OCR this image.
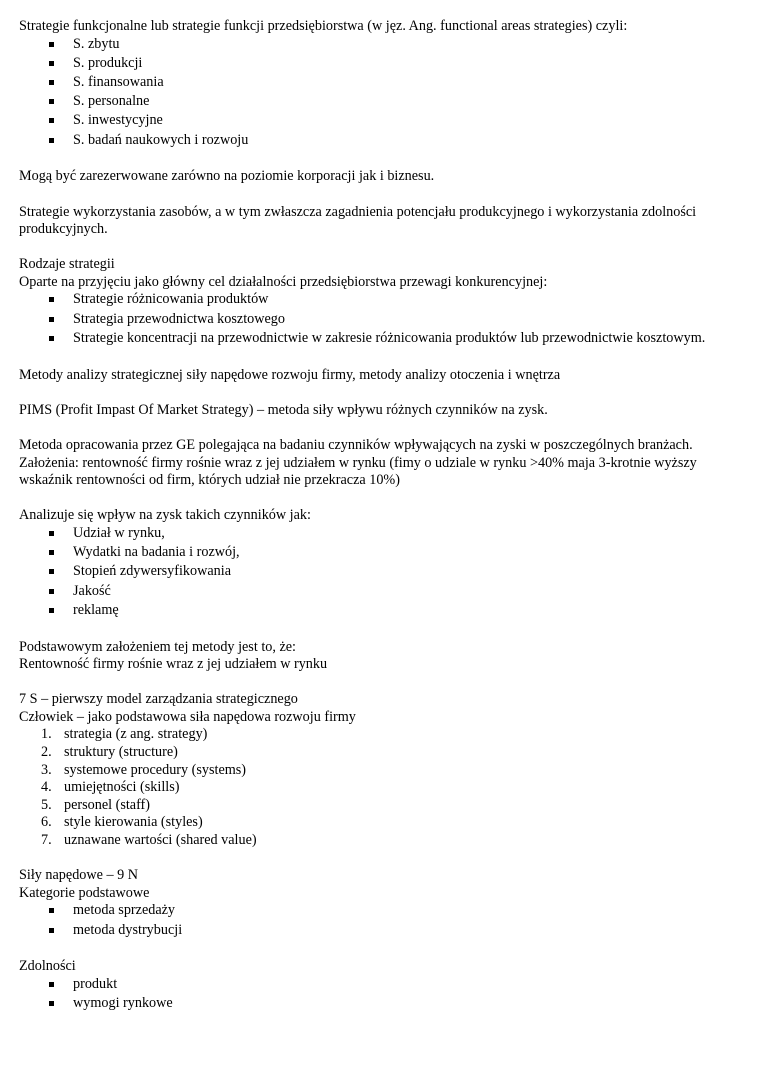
Strategie funkcjonalne lub strategie funkcji przedsiębiorstwa (w jęz. Ang. functional areas strategies) czyli:

S. zbytu
S. produkcji
S. finansowania
S. personalne
S. inwestycyjne
S. badań naukowych i rozwoju

Mogą być zarezerwowane zarówno na poziomie korporacji jak i biznesu.

Strategie wykorzystania zasobów, a w tym zwłaszcza zagadnienia potencjału produkcyjnego i wykorzystania zdolności produkcyjnych.

Rodzaje strategii

Oparte na przyjęciu jako główny cel działalności przedsiębiorstwa przewagi konkurencyjnej:

Strategie różnicowania produktów
Strategia przewodnictwa kosztowego
Strategie koncentracji na przewodnictwie w zakresie różnicowania produktów lub przewodnictwie kosztowym.

Metody analizy strategicznej siły napędowe rozwoju firmy, metody analizy otoczenia i wnętrza

PIMS (Profit Impast Of Market Strategy) – metoda siły wpływu różnych czynników na zysk.

Metoda opracowania przez GE polegająca na badaniu czynników wpływających na zyski w poszczególnych branżach.

Założenia: rentowność firmy rośnie wraz z jej udziałem w rynku (fimy o udziale w rynku >40% maja 3-krotnie wyższy wskaźnik rentowności od firm, których udział nie przekracza 10%)

Analizuje się wpływ na zysk takich czynników jak:

Udział w rynku,
Wydatki na badania i rozwój,
Stopień zdywersyfikowania
Jakość
reklamę

Podstawowym założeniem tej metody jest to, że:

Rentowność firmy rośnie wraz z jej udziałem w rynku

7 S – pierwszy model zarządzania strategicznego

Człowiek – jako podstawowa siła napędowa rozwoju firmy

1. strategia (z ang. strategy)
2. struktury (structure)
3. systemowe procedury (systems)
4. umiejętności (skills)
5. personel (staff)
6. style kierowania (styles)
7. uznawane wartości (shared value)

Siły napędowe – 9 N

Kategorie podstawowe

metoda sprzedaży
metoda dystrybucji

Zdolności

produkt
wymogi rynkowe
